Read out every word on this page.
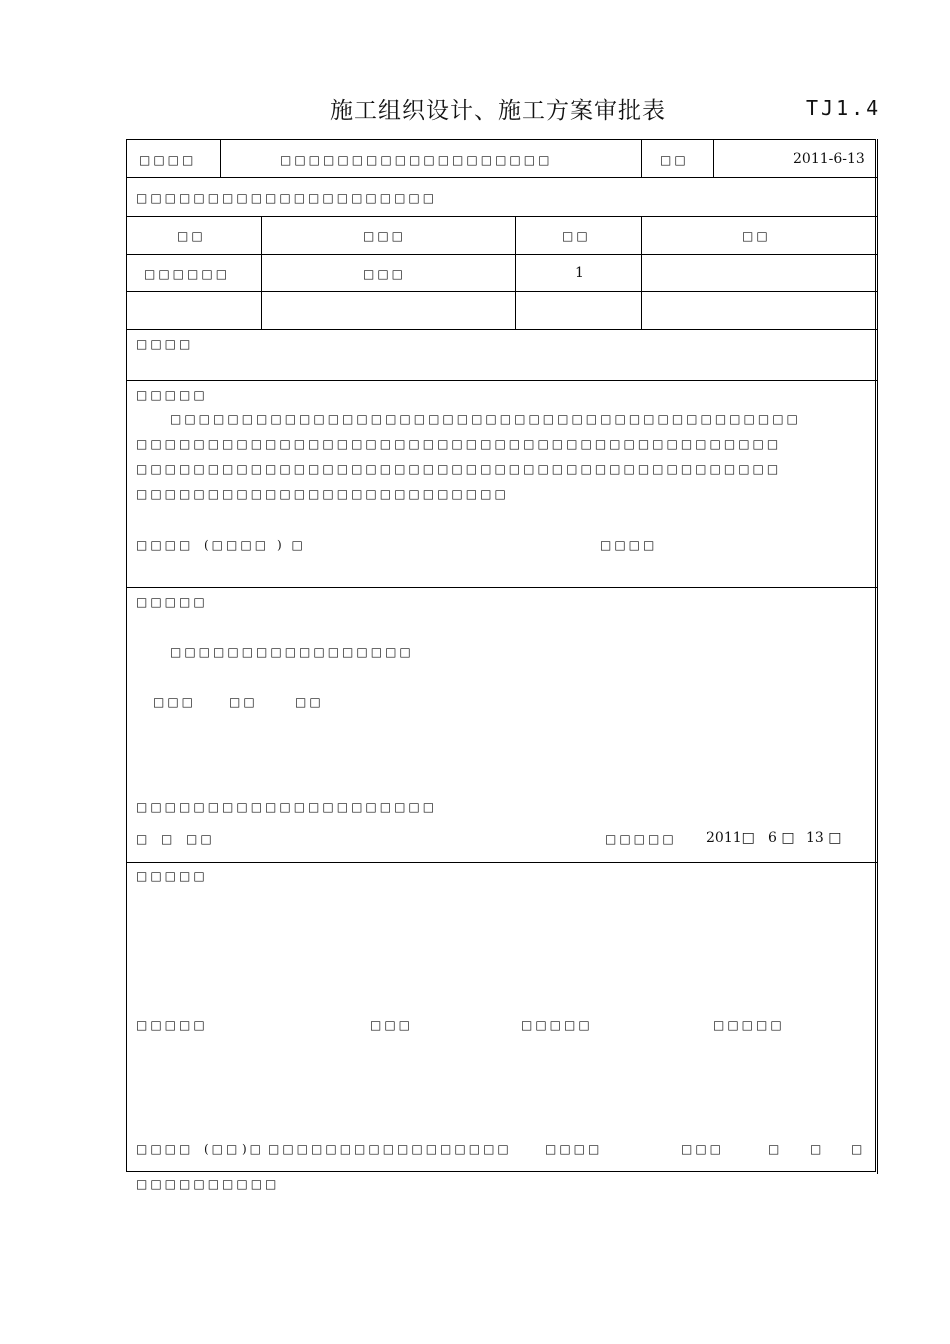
施工组织设计、施工方案审批表	TJ1.4
□□□□	□□□□□□□□□□□□□□□□□□□	□□	2011-6-13
□□□□□□□□□□□□□□□□□□□□□
□□	□□□	□□	□□
□□□□□□	□□□	1
□□□□
□□□□□
□□□□□□□□□□□□□□□□□□□□□□□□□□□□□□□□□□□□□□□□□□□□
□□□□□□□□□□□□□□□□□□□□□□□□□□□□□□□□□□□□□□□□□□□□□
□□□□□□□□□□□□□□□□□□□□□□□□□□□□□□□□□□□□□□□□□□□□□
□□□□□□□□□□□□□□□□□□□□□□□□□□
□□□□ (□□□□ ) □	□□□□
□□□□□
□□□□□□□□□□□□□□□□□
□□□	□□	□□
□□□□□□□□□□□□□□□□□□□□□
□ □ □□	□□□□□ 2011□ 6 □ 13 □
□□□□□
□□□□□	□□□	□□□□□	□□□□□
□□□□ (□□ )□ □□□□□□□□□□□□□□□□□	□□□□	□□□	□ □ □
□□□□□□□□□□
